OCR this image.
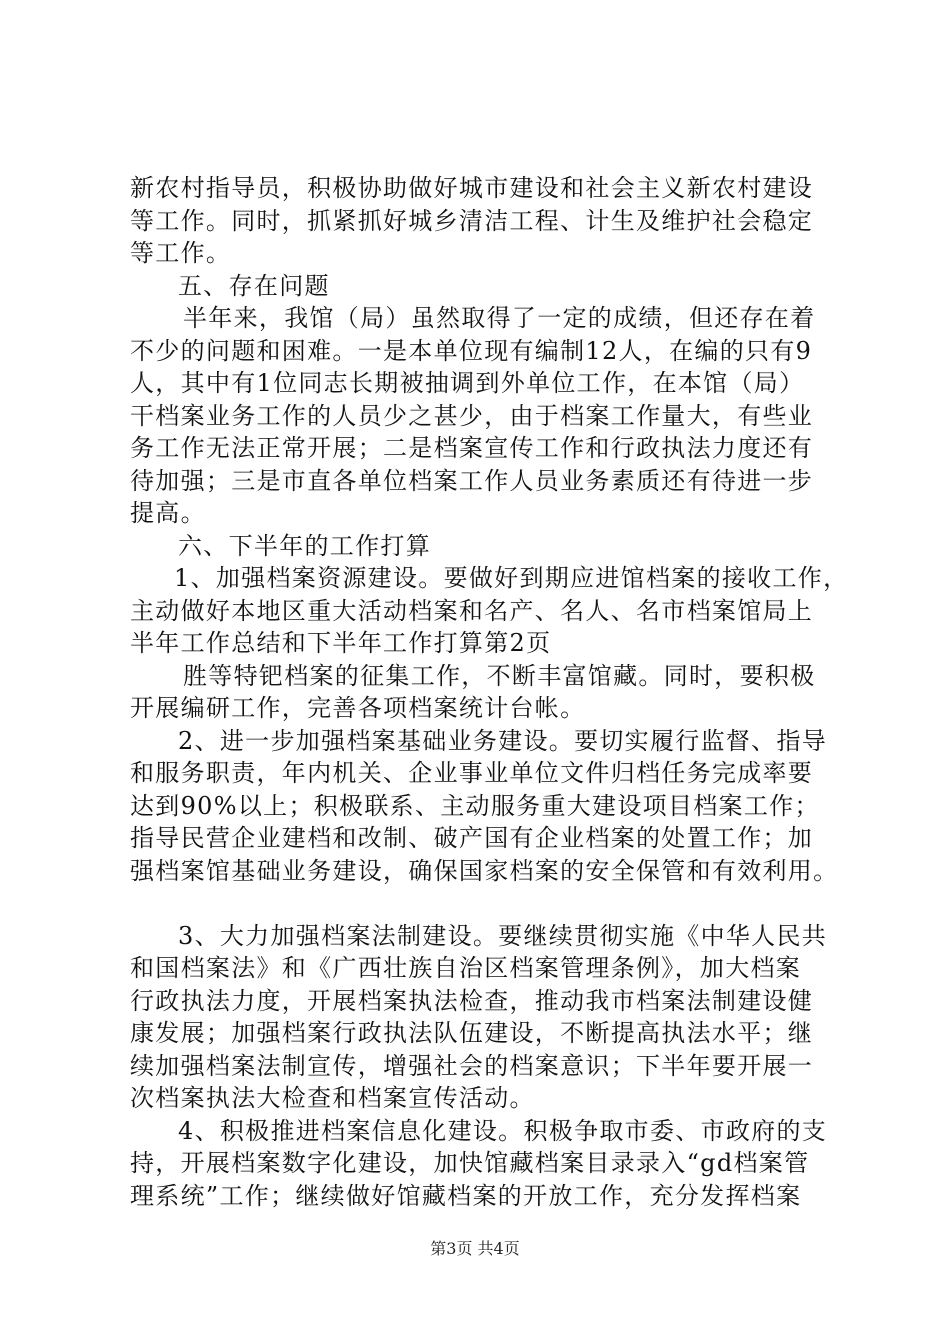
新农村指导员，积极协助做好城市建设和社会主义新农村建设
等工作。同时，抓紧抓好城乡清洁工程、计生及维护社会稳定
等工作。
五、存在问题
半年来，我馆（局）虽然取得了一定的成绩，但还存在着
不少的问题和困难。一是本单位现有编制12人，在编的只有9
人，其中有1位同志长期被抽调到外单位工作，在本馆（局）
干档案业务工作的人员少之甚少，由于档案工作量大，有些业
务工作无法正常开展；二是档案宣传工作和行政执法力度还有
待加强；三是市直各单位档案工作人员业务素质还有待进一步
提高。
六、下半年的工作打算
1、加强档案资源建设。要做好到期应进馆档案的接收工作，
主动做好本地区重大活动档案和名产、名人、名市档案馆局上
半年工作总结和下半年工作打算第2页
胜等特钯档案的征集工作，不断丰富馆藏。同时，要积极
开展编研工作，完善各项档案统计台帐。
2、进一步加强档案基础业务建设。要切实履行监督、指导
和服务职责，年内机关、企业事业单位文件归档任务完成率要
达到90%以上；积极联系、主动服务重大建设项目档案工作；
指导民营企业建档和改制、破产国有企业档案的处置工作；加
强档案馆基础业务建设，确保国家档案的安全保管和有效利用。
3、大力加强档案法制建设。要继续贯彻实施《中华人民共
和国档案法》和《广西壮族自治区档案管理条例》，加大档案
行政执法力度，开展档案执法检查，推动我市档案法制建设健
康发展；加强档案行政执法队伍建设，不断提高执法水平；继
续加强档案法制宣传，增强社会的档案意识；下半年要开展一
次档案执法大检查和档案宣传活动。
4、积极推进档案信息化建设。积极争取市委、市政府的支
持，开展档案数字化建设，加快馆藏档案目录录入“gd档案管
理系统”工作；继续做好馆藏档案的开放工作，充分发挥档案
第3页 共4页
